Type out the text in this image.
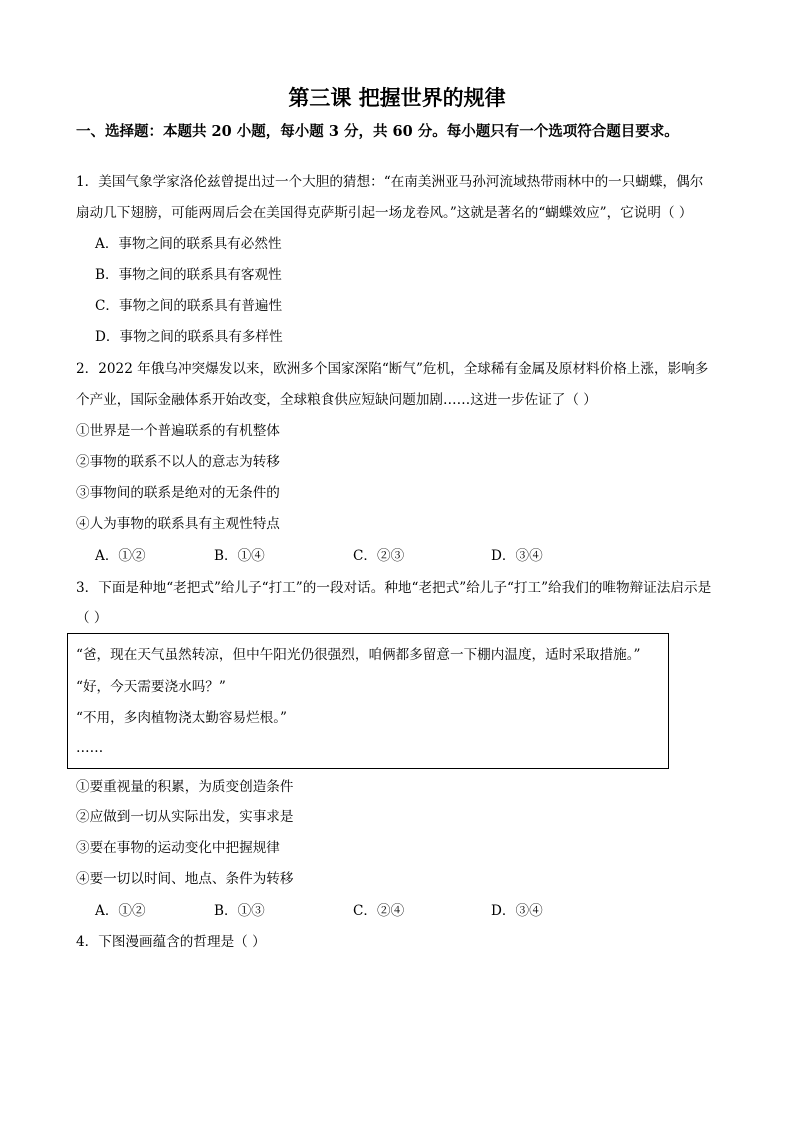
第三课 把握世界的规律
一、选择题：本题共 20 小题，每小题 3 分，共 60 分。每小题只有一个选项符合题目要求。
1．美国气象学家洛伦兹曾提出过一个大胆的猜想：“在南美洲亚马孙河流域热带雨林中的一只蝴蝶，偶尔
扇动几下翅膀，可能两周后会在美国得克萨斯引起一场龙卷风。”这就是著名的“蝴蝶效应”，它说明（ ）
A．事物之间的联系具有必然性
B．事物之间的联系具有客观性
C．事物之间的联系具有普遍性
D．事物之间的联系具有多样性
2．2022 年俄乌冲突爆发以来，欧洲多个国家深陷“断气”危机，全球稀有金属及原材料价格上涨，影响多
个产业，国际金融体系开始改变，全球粮食供应短缺问题加剧……这进一步佐证了（ ）
①世界是一个普遍联系的有机整体
②事物的联系不以人的意志为转移
③事物间的联系是绝对的无条件的
④人为事物的联系具有主观性特点
A．①②	B．①④	C．②③	D．③④
3．下面是种地“老把式”给儿子“打工”的一段对话。种地“老把式”给儿子“打工”给我们的唯物辩证法启示是
（ ）
“爸，现在天气虽然转凉，但中午阳光仍很强烈，咱俩都多留意一下棚内温度，适时采取措施。”
“好，今天需要浇水吗？”
“不用，多肉植物浇太勤容易烂根。”
……
①要重视量的积累，为质变创造条件
②应做到一切从实际出发，实事求是
③要在事物的运动变化中把握规律
④要一切以时间、地点、条件为转移
A．①②	B．①③	C．②④	D．③④
4．下图漫画蕴含的哲理是（ ）
